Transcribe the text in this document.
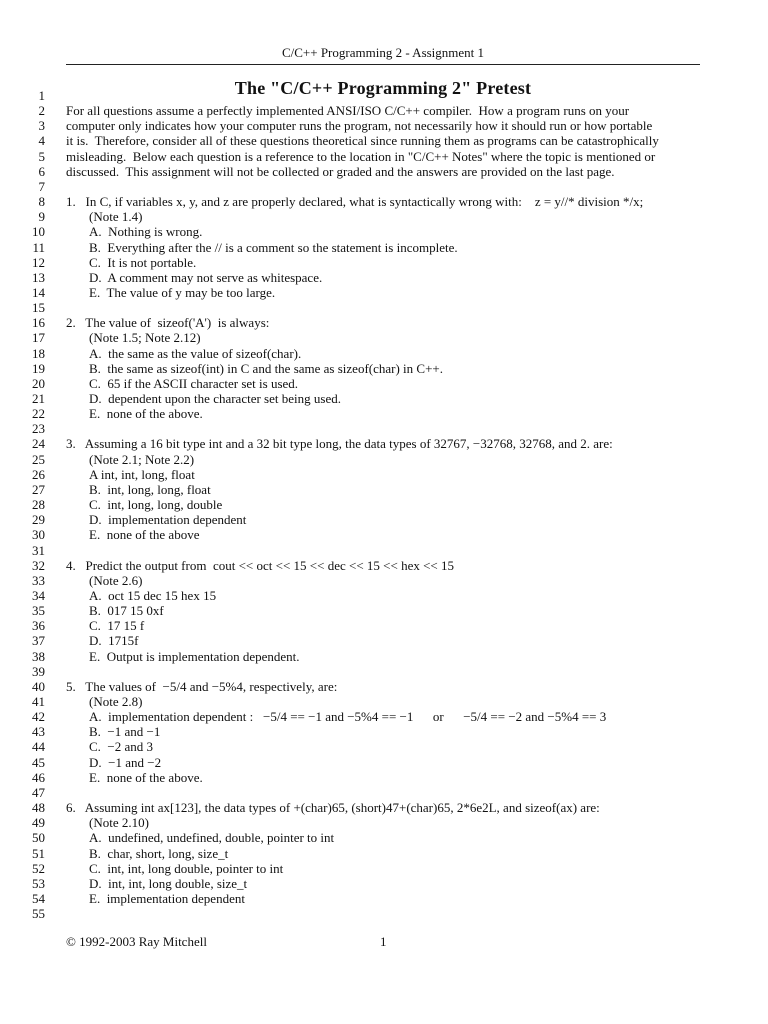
C/C++ Programming 2 - Assignment 1
The "C/C++ Programming 2" Pretest
1
2 For all questions assume a perfectly implemented ANSI/ISO C/C++ compiler.  How a program runs on your
3 computer only indicates how your computer runs the program, not necessarily how it should run or how portable
4 it is.  Therefore, consider all of these questions theoretical since running them as programs can be catastrophically
5 misleading.  Below each question is a reference to the location in "C/C++ Notes" where the topic is mentioned or
6 discussed.  This assignment will not be collected or graded and the answers are provided on the last page.
7
8 1.   In C, if variables x, y, and z are properly declared, what is syntactically wrong with:    z = y//* division */x;
9	(Note 1.4)
10	A.  Nothing is wrong.
11	B.  Everything after the // is a comment so the statement is incomplete.
12	C.  It is not portable.
13	D.  A comment may not serve as whitespace.
14	E.  The value of y may be too large.
15
16 2.   The value of  sizeof('A')  is always:
17	(Note 1.5; Note 2.12)
18	A.  the same as the value of sizeof(char).
19	B.  the same as sizeof(int) in C and the same as sizeof(char) in C++.
20	C.  65 if the ASCII character set is used.
21	D.  dependent upon the character set being used.
22	E.  none of the above.
23
24 3.   Assuming a 16 bit type int and a 32 bit type long, the data types of 32767, −32768, 32768, and 2. are:
25	(Note 2.1; Note 2.2)
26	A int, int, long, float
27	B.  int, long, long, float
28	C.  int, long, long, double
29	D.  implementation dependent
30	E.  none of the above
31
32 4.   Predict the output from  cout << oct << 15 << dec << 15 << hex << 15
33	(Note 2.6)
34	A.  oct 15 dec 15 hex 15
35	B.  017 15 0xf
36	C.  17 15 f
37	D.  1715f
38	E.  Output is implementation dependent.
39
40 5.   The values of  −5/4 and −5%4, respectively, are:
41	(Note 2.8)
42	A.  implementation dependent :   −5/4 == −1 and −5%4 == −1      or      −5/4 == −2 and −5%4 == 3
43	B.  −1 and −1
44	C.  −2 and 3
45	D.  −1 and −2
46	E.  none of the above.
47
48 6.   Assuming int ax[123], the data types of +(char)65, (short)47+(char)65, 2*6e2L, and sizeof(ax) are:
49	(Note 2.10)
50	A.  undefined, undefined, double, pointer to int
51	B.  char, short, long, size_t
52	C.  int, int, long double, pointer to int
53	D.  int, int, long double, size_t
54	E.  implementation dependent
55
© 1992-2003 Ray Mitchell	1
